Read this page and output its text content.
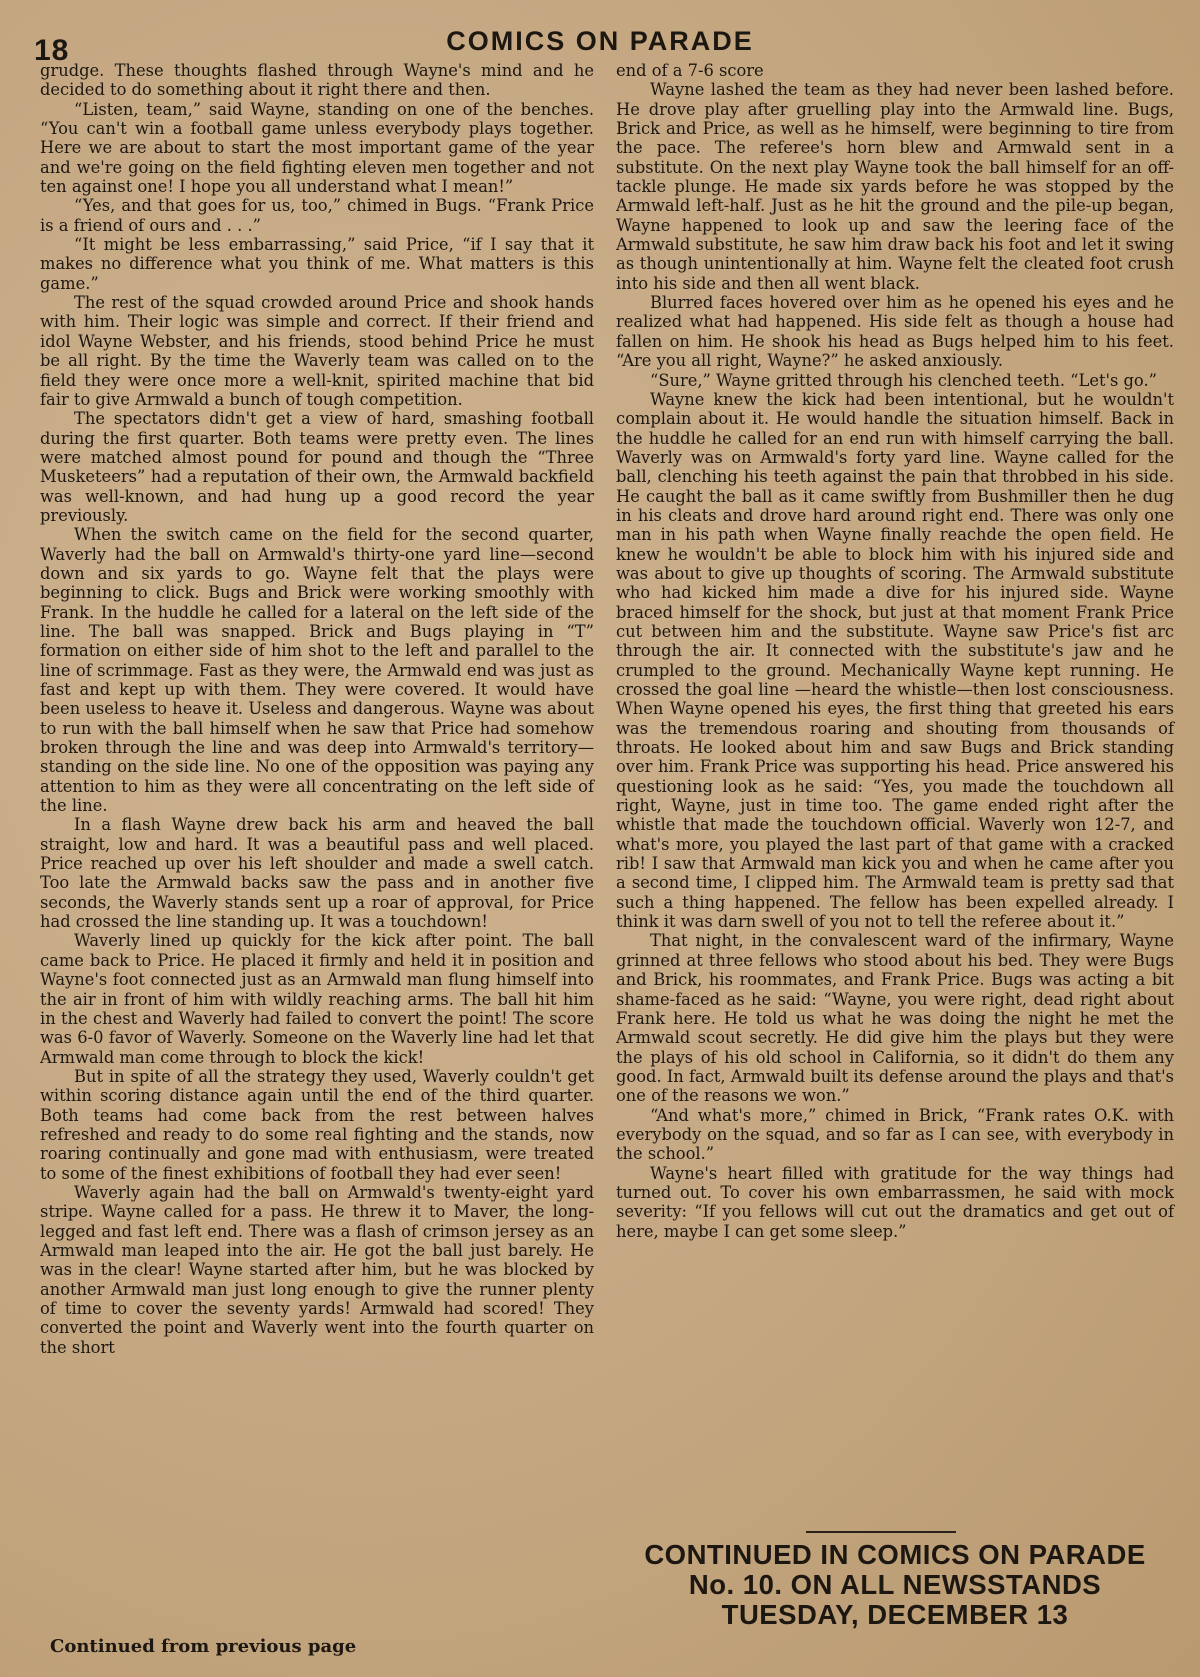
18	COMICS ON PARADE

grudge. These thoughts flashed through Wayne's mind and he decided to do something about it right there and then.

“Listen, team,” said Wayne, standing on one of the benches. “You can't win a football game unless everybody plays together. Here we are about to start the most important game of the year and we're going on the field fighting eleven men together and not ten against one! I hope you all understand what I mean!”

“Yes, and that goes for us, too,” chimed in Bugs. “Frank Price is a friend of ours and . . .”

“It might be less embarrassing,” said Price, “if I say that it makes no difference what you think of me. What matters is this game.”

The rest of the squad crowded around Price and shook hands with him. Their logic was simple and correct. If their friend and idol Wayne Webster, and his friends, stood behind Price he must be all right. By the time the Waverly team was called on to the field they were once more a well-knit, spirited machine that bid fair to give Armwald a bunch of tough competition.

The spectators didn't get a view of hard, smashing football during the first quarter. Both teams were pretty even. The lines were matched almost pound for pound and though the “Three Musketeers” had a reputation of their own, the Armwald backfield was well-known, and had hung up a good record the year previously.

When the switch came on the field for the second quarter, Waverly had the ball on Armwald's thirty-one yard line—second down and six yards to go. Wayne felt that the plays were beginning to click. Bugs and Brick were working smoothly with Frank. In the huddle he called for a lateral on the left side of the line. The ball was snapped. Brick and Bugs playing in “T” formation on either side of him shot to the left and parallel to the line of scrimmage. Fast as they were, the Armwald end was just as fast and kept up with them. They were covered. It would have been useless to heave it. Useless and dangerous. Wayne was about to run with the ball himself when he saw that Price had somehow broken through the line and was deep into Armwald's territory—standing on the side line. No one of the opposition was paying any attention to him as they were all concentrating on the left side of the line.

In a flash Wayne drew back his arm and heaved the ball straight, low and hard. It was a beautiful pass and well placed. Price reached up over his left shoulder and made a swell catch. Too late the Armwald backs saw the pass and in another five seconds, the Waverly stands sent up a roar of approval, for Price had crossed the line standing up. It was a touchdown!

Waverly lined up quickly for the kick after point. The ball came back to Price. He placed it firmly and held it in position and Wayne's foot connected just as an Armwald man flung himself into the air in front of him with wildly reaching arms. The ball hit him in the chest and Waverly had failed to convert the point! The score was 6-0 favor of Waverly. Someone on the Waverly line had let that Armwald man come through to block the kick!

But in spite of all the strategy they used, Waverly couldn't get within scoring distance again until the end of the third quarter. Both teams had come back from the rest between halves refreshed and ready to do some real fighting and the stands, now roaring continually and gone mad with enthusiasm, were treated to some of the finest exhibitions of football they had ever seen!

Waverly again had the ball on Armwald's twenty-eight yard stripe. Wayne called for a pass. He threw it to Maver, the long-legged and fast left end. There was a flash of crimson jersey as an Armwald man leaped into the air. He got the ball just barely. He was in the clear! Wayne started after him, but he was blocked by another Armwald man just long enough to give the runner plenty of time to cover the seventy yards! Armwald had scored! They converted the point and Waverly went into the fourth quarter on the short

end of a 7-6 score

Wayne lashed the team as they had never been lashed before. He drove play after gruelling play into the Armwald line. Bugs, Brick and Price, as well as he himself, were beginning to tire from the pace. The referee's horn blew and Armwald sent in a substitute. On the next play Wayne took the ball himself for an off-tackle plunge. He made six yards before he was stopped by the Armwald left-half. Just as he hit the ground and the pile-up began, Wayne happened to look up and saw the leering face of the Armwald substitute, he saw him draw back his foot and let it swing as though unintentionally at him. Wayne felt the cleated foot crush into his side and then all went black.

Blurred faces hovered over him as he opened his eyes and he realized what had happened. His side felt as though a house had fallen on him. He shook his head as Bugs helped him to his feet. “Are you all right, Wayne?” he asked anxiously.

“Sure,” Wayne gritted through his clenched teeth. “Let's go.”

Wayne knew the kick had been intentional, but he wouldn't complain about it. He would handle the situation himself. Back in the huddle he called for an end run with himself carrying the ball. Waverly was on Armwald's forty yard line. Wayne called for the ball, clenching his teeth against the pain that throbbed in his side. He caught the ball as it came swiftly from Bushmiller then he dug in his cleats and drove hard around right end. There was only one man in his path when Wayne finally reachde the open field. He knew he wouldn't be able to block him with his injured side and was about to give up thoughts of scoring. The Armwald substitute who had kicked him made a dive for his injured side. Wayne braced himself for the shock, but just at that moment Frank Price cut between him and the substitute. Wayne saw Price's fist arc through the air. It connected with the substitute's jaw and he crumpled to the ground. Mechanically Wayne kept running. He crossed the goal line —heard the whistle—then lost consciousness. When Wayne opened his eyes, the first thing that greeted his ears was the tremendous roaring and shouting from thousands of throats. He looked about him and saw Bugs and Brick standing over him. Frank Price was supporting his head. Price answered his questioning look as he said: “Yes, you made the touchdown all right, Wayne, just in time too. The game ended right after the whistle that made the touchdown official. Waverly won 12-7, and what's more, you played the last part of that game with a cracked rib! I saw that Armwald man kick you and when he came after you a second time, I clipped him. The Armwald team is pretty sad that such a thing happened. The fellow has been expelled already. I think it was darn swell of you not to tell the referee about it.”

That night, in the convalescent ward of the infirmary, Wayne grinned at three fellows who stood about his bed. They were Bugs and Brick, his roommates, and Frank Price. Bugs was acting a bit shame-faced as he said: “Wayne, you were right, dead right about Frank here. He told us what he was doing the night he met the Armwald scout secretly. He did give him the plays but they were the plays of his old school in California, so it didn't do them any good. In fact, Armwald built its defense around the plays and that's one of the reasons we won.”

“And what's more,” chimed in Brick, “Frank rates O.K. with everybody on the squad, and so far as I can see, with everybody in the school.”

Wayne's heart filled with gratitude for the way things had turned out. To cover his own embarrassmen, he said with mock severity: “If you fellows will cut out the dramatics and get out of here, maybe I can get some sleep.”

Continued from previous page
CONTINUED IN COMICS ON PARADE
No. 10. ON ALL NEWSSTANDS
TUESDAY, DECEMBER 13
